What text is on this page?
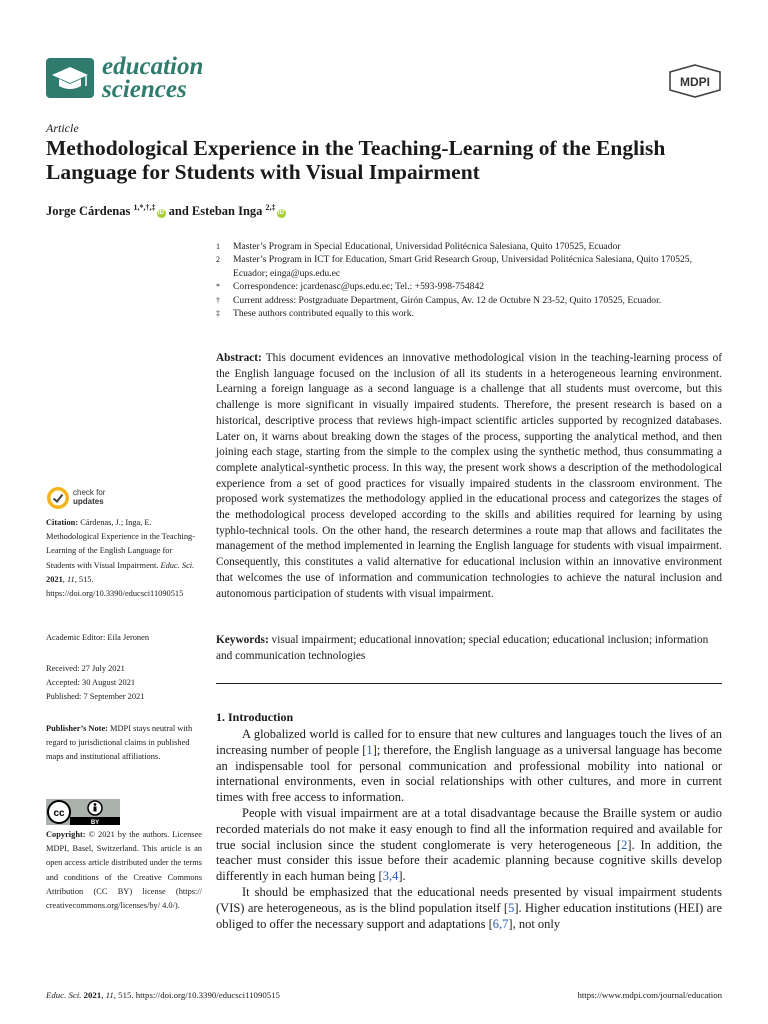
education
sciences	MDPI
Article
Methodological Experience in the Teaching-Learning of the English Language for Students with Visual Impairment
Jorge Cárdenas $^{1,*,\dagger,\ddagger}$iD and Esteban Inga $^{2,\ddagger}$iD
1	Master’s Program in Special Educational, Universidad Politécnica Salesiana, Quito 170525, Ecuador
2	Master’s Program in ICT for Education, Smart Grid Research Group, Universidad Politécnica Salesiana, Quito 170525, Ecuador; einga@ups.edu.ec
*	Correspondence: jcardenasc@ups.edu.ec; Tel.: +593-998-754842
†	Current address: Postgraduate Department, Girón Campus, Av. 12 de Octubre N 23-52, Quito 170525, Ecuador.
‡	These authors contributed equally to this work.
Abstract: This document evidences an innovative methodological vision in the teaching-learning process of the English language focused on the inclusion of all its students in a heterogeneous learning environment. Learning a foreign language as a second language is a challenge that all students must overcome, but this challenge is more significant in visually impaired students. Therefore, the present research is based on a historical, descriptive process that reviews high-impact scientific articles supported by recognized databases. Later on, it warns about breaking down the stages of the process, supporting the analytical method, and then joining each stage, starting from the simple to the complex using the synthetic method, thus consummating a complete analytical-synthetic process. In this way, the present work shows a description of the methodological experience from a set of good practices for visually impaired students in the classroom environment. The proposed work systematizes the methodology applied in the educational process and categorizes the stages of the methodological process developed according to the skills and abilities required for learning by using typhlo-technical tools. On the other hand, the research determines a route map that allows and facilitates the management of the method implemented in learning the English language for students with visual impairment. Consequently, this constitutes a valid alternative for educational inclusion within an innovative environment that welcomes the use of information and communication technologies to achieve the natural inclusion and autonomous participation of students with visual impairment.
Keywords: visual impairment; educational innovation; special education; educational inclusion; information and communication technologies
check for
updates
Citation: Cárdenas, J.; Inga, E. Methodological Experience in the Teaching-Learning of the English Language for Students with Visual Impairment. Educ. Sci. 2021, 11, 515. https://doi.org/10.3390/educsci11090515
Academic Editor: Eila Jeronen
Received: 27 July 2021
Accepted: 30 August 2021
Published: 7 September 2021
Publisher’s Note: MDPI stays neutral with regard to jurisdictional claims in published maps and institutional affiliations.
cc
BY
Copyright: © 2021 by the authors. Licensee MDPI, Basel, Switzerland. This article is an open access article distributed under the terms and conditions of the Creative Commons Attribution (CC BY) license (https:// creativecommons.org/licenses/by/ 4.0/).
1. Introduction

A globalized world is called for to ensure that new cultures and languages touch the lives of an increasing number of people [1]; therefore, the English language as a universal language has become an indispensable tool for personal communication and professional mobility into national or international environments, even in social relationships with other cultures, and more in current times with free access to information.

People with visual impairment are at a total disadvantage because the Braille system or audio recorded materials do not make it easy enough to find all the information required and available for true social inclusion since the student conglomerate is very heterogeneous [2]. In addition, the teacher must consider this issue before their academic planning because cognitive skills develop differently in each human being [3,4].

It should be emphasized that the educational needs presented by visual impairment students (VIS) are heterogeneous, as is the blind population itself [5]. Higher education institutions (HEI) are obliged to offer the necessary support and adaptations [6,7], not only

Educ. Sci. 2021, 11, 515. https://doi.org/10.3390/educsci11090515	https://www.mdpi.com/journal/education
